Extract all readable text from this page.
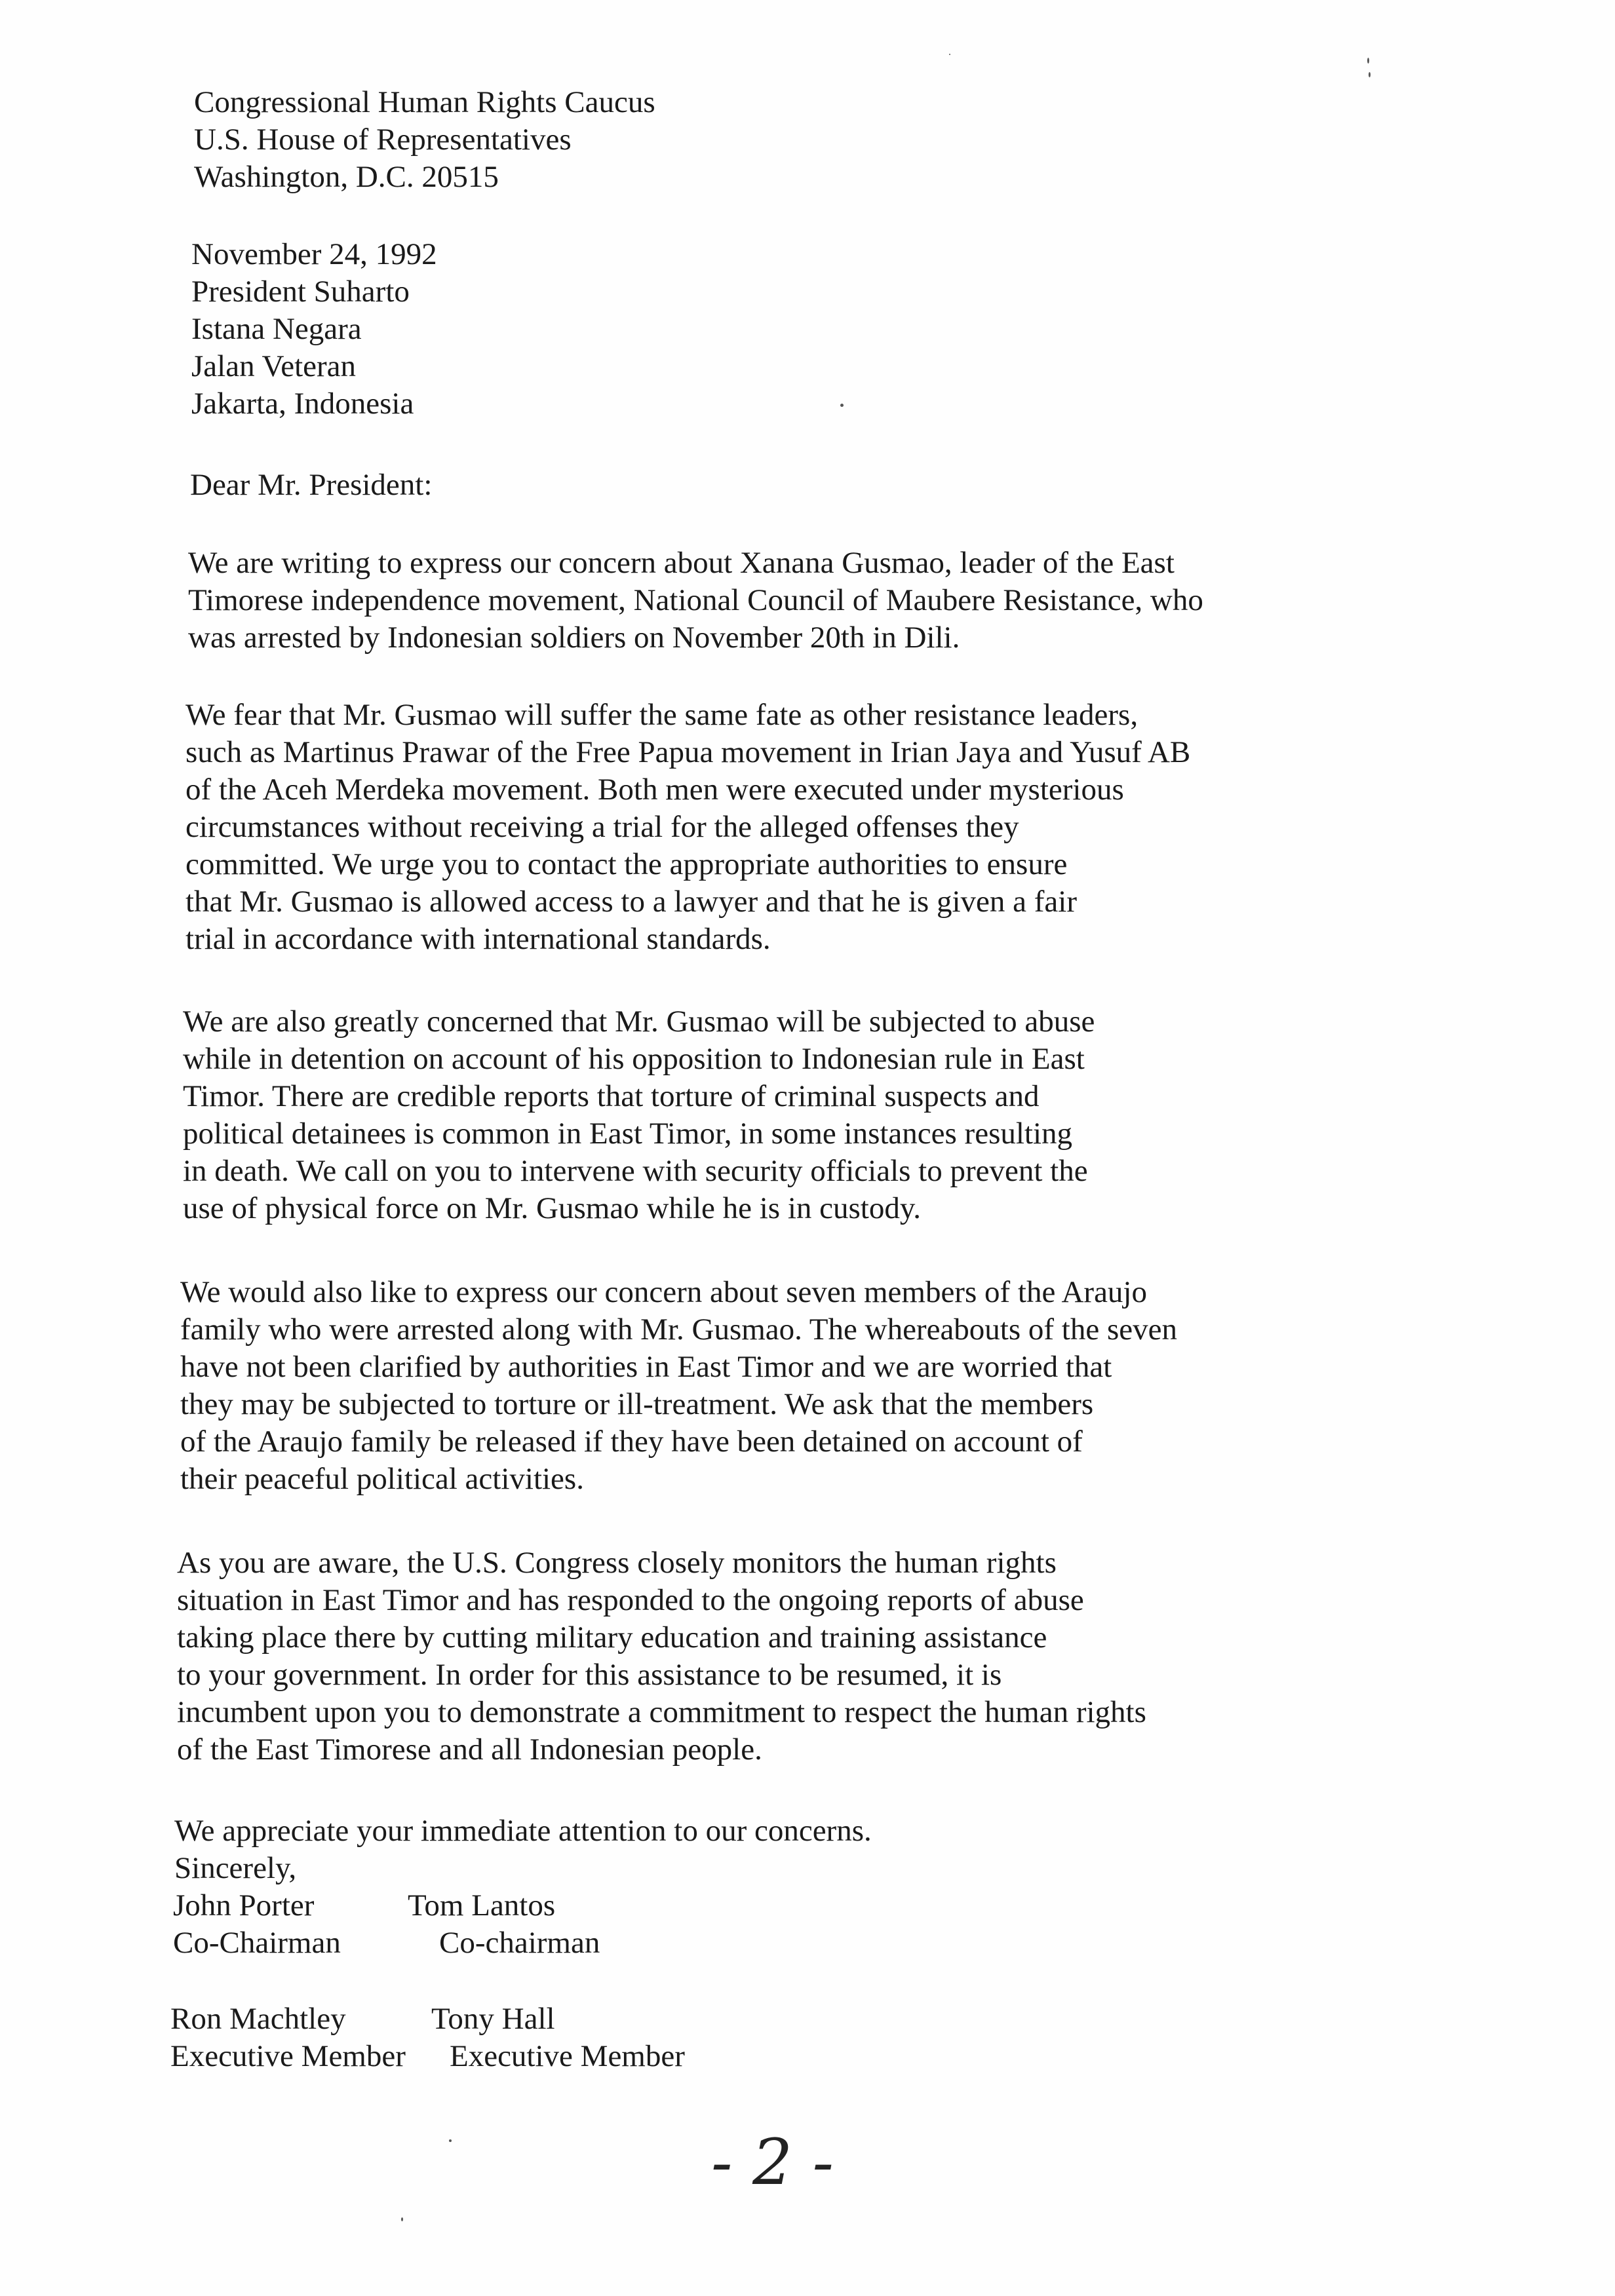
Congressional Human Rights Caucus
U.S. House of Representatives
Washington, D.C. 20515
November 24, 1992
President Suharto
Istana Negara
Jalan Veteran
Jakarta, Indonesia
Dear Mr. President:
We are writing to express our concern about Xanana Gusmao, leader of the East
Timorese independence movement, National Council of Maubere Resistance, who
was arrested by Indonesian soldiers on November 20th in Dili.
We fear that Mr. Gusmao will suffer the same fate as other resistance leaders,
such as Martinus Prawar of the Free Papua movement in Irian Jaya and Yusuf AB
of the Aceh Merdeka movement. Both men were executed under mysterious
circumstances without receiving a trial for the alleged offenses they
committed. We urge you to contact the appropriate authorities to ensure
that Mr. Gusmao is allowed access to a lawyer and that he is given a fair
trial in accordance with international standards.
We are also greatly concerned that Mr. Gusmao will be subjected to abuse
while in detention on account of his opposition to Indonesian rule in East
Timor. There are credible reports that torture of criminal suspects and
political detainees is common in East Timor, in some instances resulting
in death. We call on you to intervene with security officials to prevent the
use of physical force on Mr. Gusmao while he is in custody.
We would also like to express our concern about seven members of the Araujo
family who were arrested along with Mr. Gusmao. The whereabouts of the seven
have not been clarified by authorities in East Timor and we are worried that
they may be subjected to torture or ill-treatment. We ask that the members
of the Araujo family be released if they have been detained on account of
their peaceful political activities.
As you are aware, the U.S. Congress closely monitors the human rights
situation in East Timor and has responded to the ongoing reports of abuse
taking place there by cutting military education and training assistance
to your government. In order for this assistance to be resumed, it is
incumbent upon you to demonstrate a commitment to respect the human rights
of the East Timorese and all Indonesian people.
We appreciate your immediate attention to our concerns.
Sincerely,
John Porter	Tom Lantos
Co-Chairman	Co-chairman
Ron Machtley	Tony Hall
Executive Member Executive Member
- 2 -
